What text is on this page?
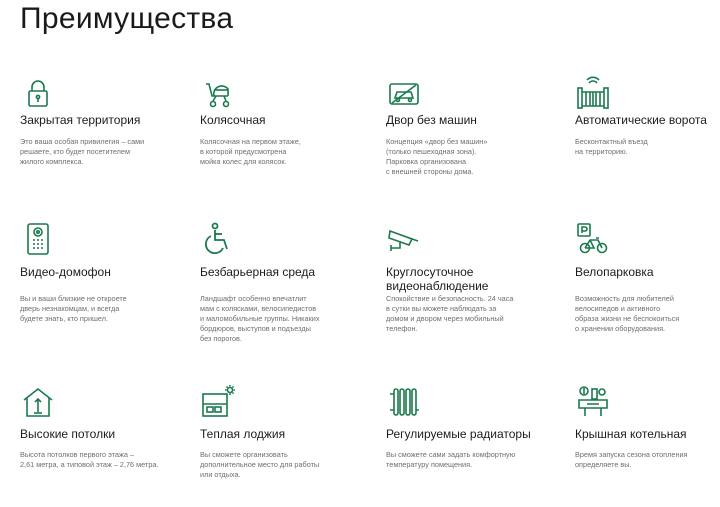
Преимущества
Закрытая территория
Это ваша особая привилегия – сами
решаете, кто будет посетителем
жилого комплекса.
Колясочная
Колясочная на первом этаже,
в которой предусмотрена
мойка колес для колясок.
Двор без машин
Концепция «двор без машин»
(только пешеходная зона).
Парковка организована
с внешней стороны дома.
Автоматические ворота
Бесконтактный въезд
на территорию.
Видео-домофон
Вы и ваши близкие не откроете
дверь незнакомцам, и всегда
будете знать, кто пришел.
Безбарьерная среда
Ландшафт особенно впечатлит
мам с колясками, велосипедистов
и маломобильные группы. Никаких
бордюров, выступов и подъезды
без порогов.
Круглосуточное
видеонаблюдение
Спокойствие и безопасность. 24 часа
в сутки вы можете наблюдать за
домом и двором через мобильный
телефон.
Велопарковка
Возможность для любителей
велосипедов и активного
образа жизни не беспокоиться
о хранении оборудования.
Высокие потолки
Высота потолков первого этажа –
2,61 метра, а типовой этаж – 2,76 метра.
Теплая лоджия
Вы сможете организовать
дополнительное место для работы
или отдыха.
Регулируемые радиаторы
Вы сможете сами задать комфортную
температуру помещения.
Крышная котельная
Время запуска сезона отопления
определяете вы.
